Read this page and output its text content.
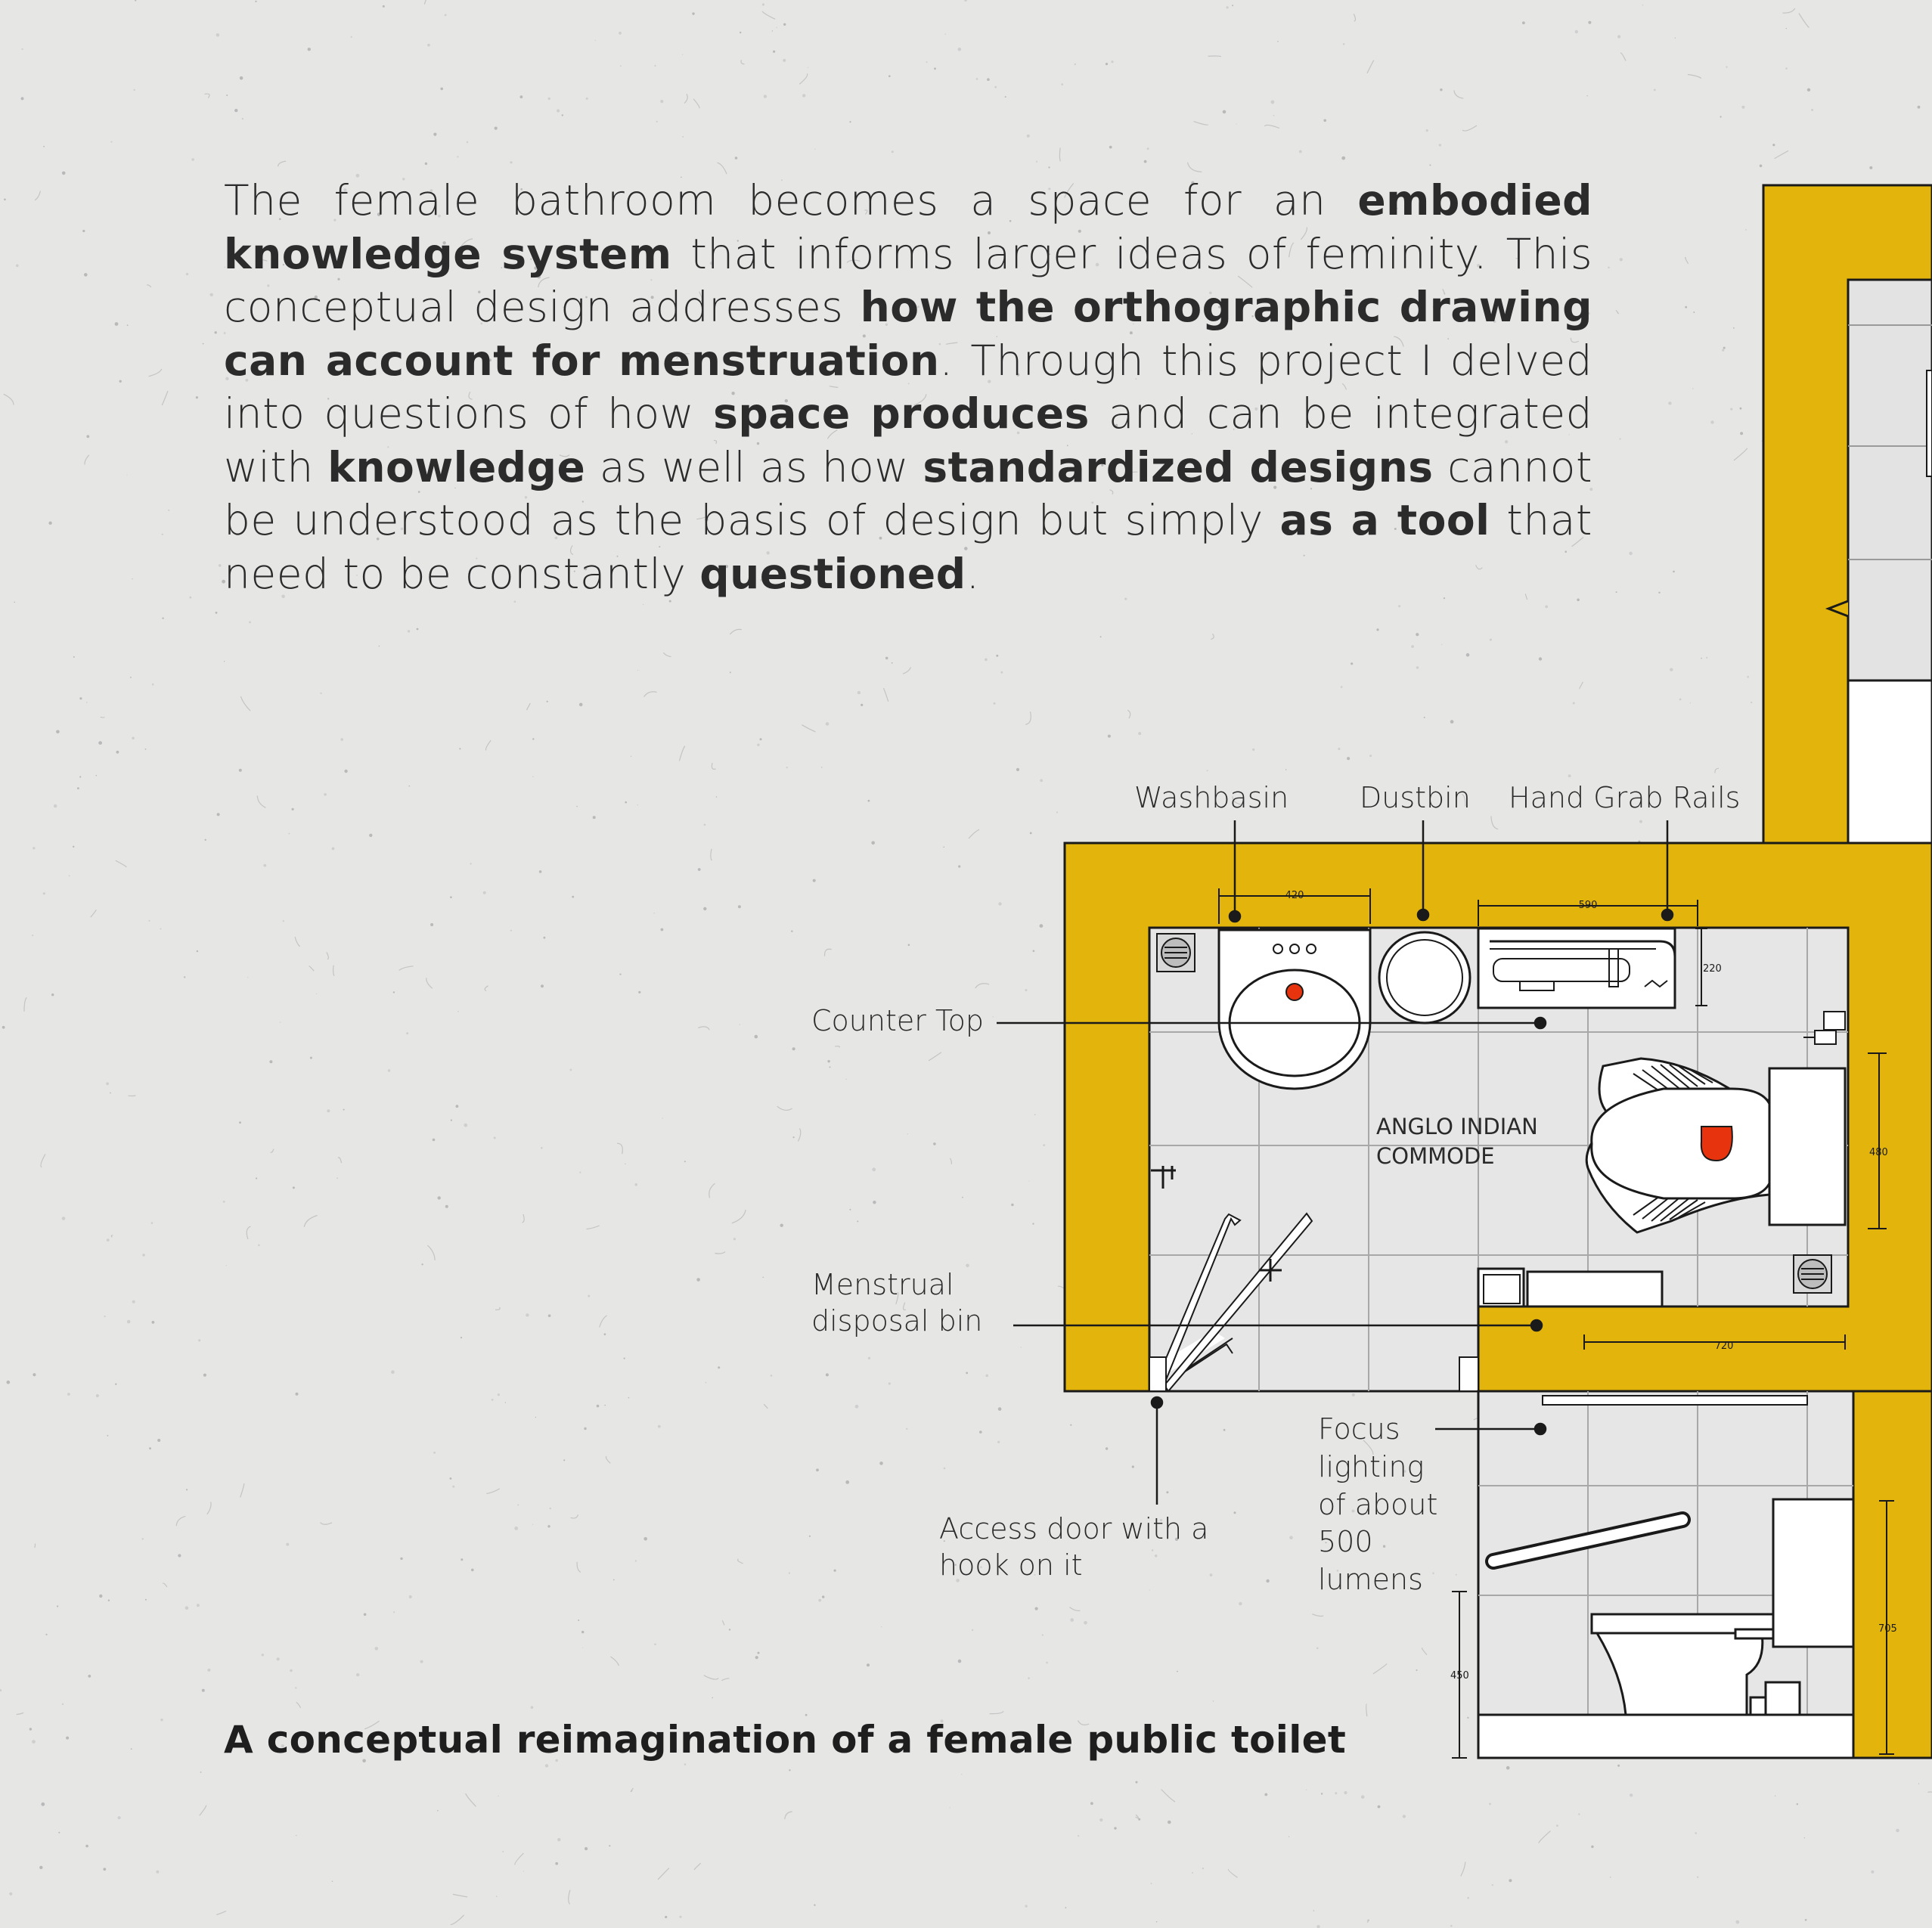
The female bathroom becomes a space for an embodied knowledge system that informs larger ideas of feminity. This conceptual design addresses how the orthographic drawing can account for menstruation. Through this project I delved into questions of how space produces and can be integrated with knowledge as well as how standardized designs cannot be understood as the basis of design but simply as a tool that need to be constantly questioned.

420
590
220
480
720
705
450
Washbasin Dustbin Hand Grab Rails
Counter Top
Menstrual
disposal bin
Access door with a
hook on it
Focus
lighting
of about
500
lumens
ANGLO INDIAN
COMMODE

A conceptual reimagination of a female public toilet
